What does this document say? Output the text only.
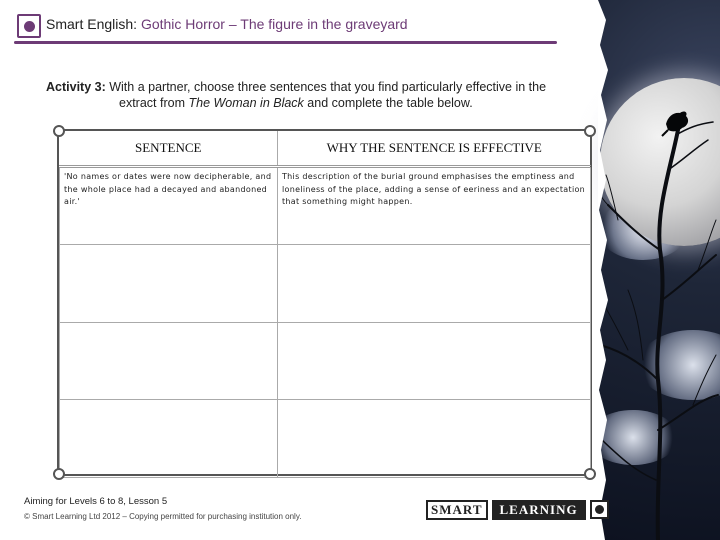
Smart English: Gothic Horror – The figure in the graveyard
Activity 3: With a partner, choose three sentences that you find particularly effective in the
extract from The Woman in Black and complete the table below.
SENTENCE	WHY THE SENTENCE IS EFFECTIVE
'No names or dates were now decipherable, and the whole place had a decayed and abandoned air.'	This description of the burial ground emphasises the emptiness and loneliness of the place, adding a sense of eeriness and an expectation that something might happen.

Aiming for Levels 6 to 8, Lesson 5
© Smart Learning Ltd 2012 – Copying permitted for purchasing institution only.	SMART	LEARNING
